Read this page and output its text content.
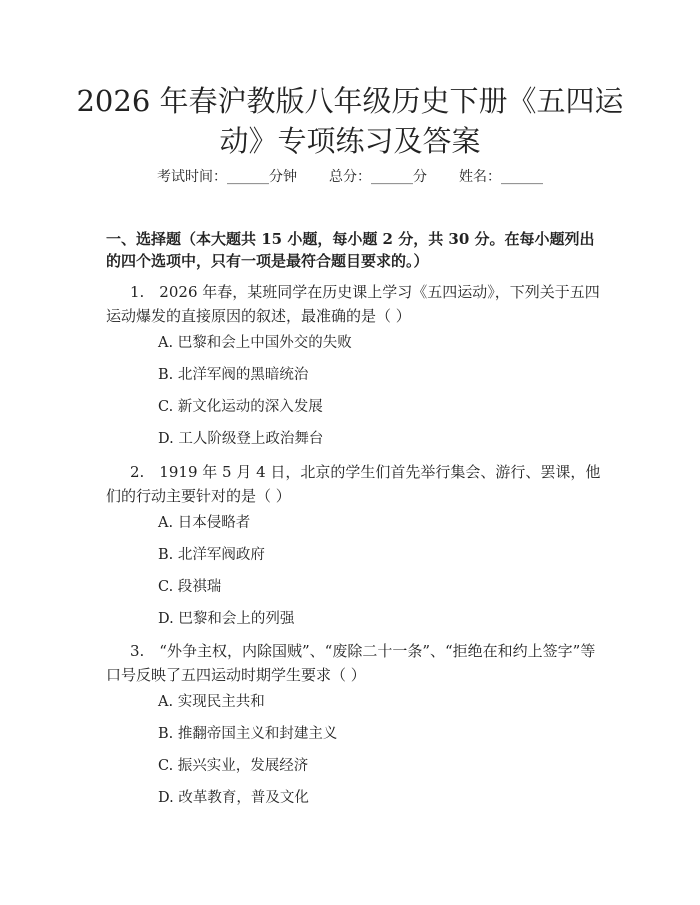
2026 年春沪教版八年级历史下册《五四运
动》专项练习及答案
考试时间：______分钟 总分：______分 姓名：______
一、选择题（本大题共 15 小题，每小题 2 分，共 30 分。在每小题列出的四个选项中，只有一项是最符合题目要求的。）
1.　2026 年春，某班同学在历史课上学习《五四运动》，下列关于五四运动爆发的直接原因的叙述，最准确的是（ ）
A. 巴黎和会上中国外交的失败
B. 北洋军阀的黑暗统治
C. 新文化运动的深入发展
D. 工人阶级登上政治舞台
2.　1919 年 5 月 4 日，北京的学生们首先举行集会、游行、罢课，他们的行动主要针对的是（ ）
A. 日本侵略者
B. 北洋军阀政府
C. 段祺瑞
D. 巴黎和会上的列强
3.　“外争主权，内除国贼”、“废除二十一条”、“拒绝在和约上签字”等口号反映了五四运动时期学生要求（ ）
A. 实现民主共和
B. 推翻帝国主义和封建主义
C. 振兴实业，发展经济
D. 改革教育，普及文化
